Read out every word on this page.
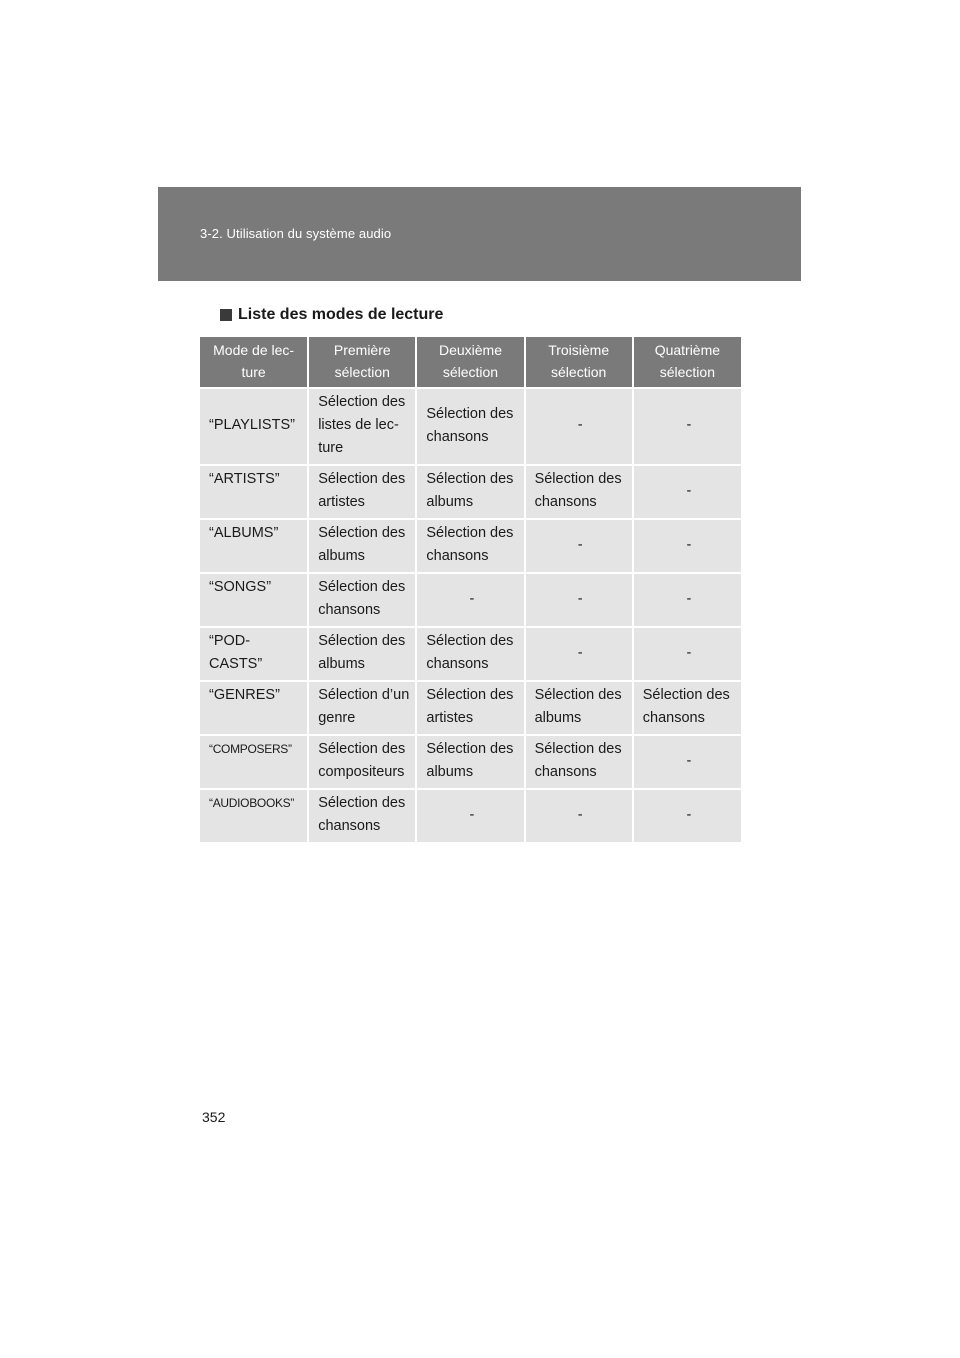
3-2. Utilisation du système audio
Liste des modes de lecture
Mode de lec- ture	Première sélection	Deuxième sélection	Troisième sélection	Quatrième sélection
“PLAYLISTS”	Sélection des listes de lec- ture	Sélection des chansons	-	-
“ARTISTS”	Sélection des artistes	Sélection des albums	Sélection des chansons	-
“ALBUMS”	Sélection des albums	Sélection des chansons	-	-
“SONGS”	Sélection des chansons	-	-	-
“POD- CASTS”	Sélection des albums	Sélection des chansons	-	-
“GENRES”	Sélection d’un genre	Sélection des artistes	Sélection des albums	Sélection des chansons
“COMPOSERS”	Sélection des compositeurs	Sélection des albums	Sélection des chansons	-
“AUDIOBOOKS”	Sélection des chansons	-	-	-
352
